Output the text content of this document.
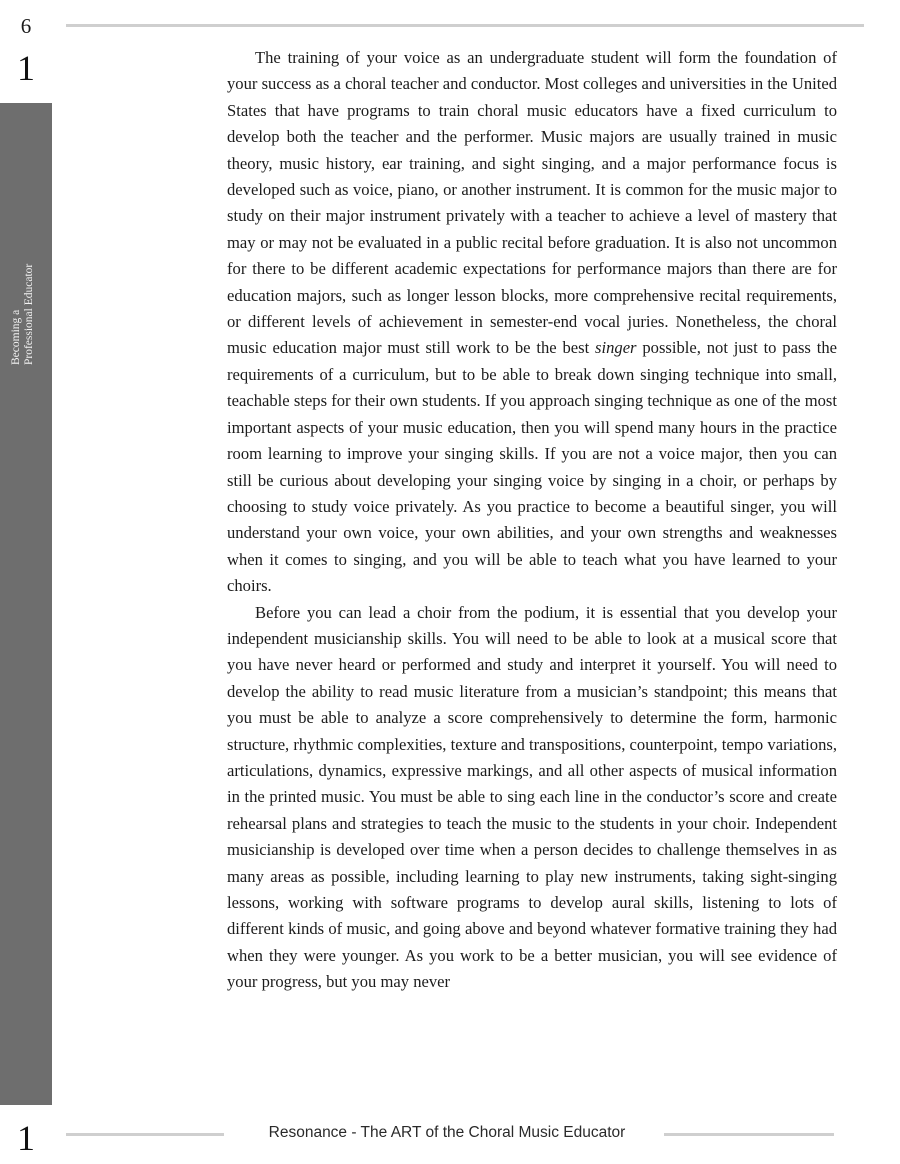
6
1
Becoming a Professional Educator
1

The training of your voice as an undergraduate student will form the foundation of your success as a choral teacher and conductor. Most colleges and universities in the United States that have programs to train choral music educators have a fixed curriculum to develop both the teacher and the performer. Music majors are usually trained in music theory, music history, ear training, and sight singing, and a major performance focus is developed such as voice, piano, or another instrument. It is common for the music major to study on their major instrument privately with a teacher to achieve a level of mastery that may or may not be evaluated in a public recital before graduation. It is also not uncommon for there to be different academic expectations for performance majors than there are for education majors, such as longer lesson blocks, more comprehensive recital requirements, or different levels of achievement in semester-end vocal juries. Nonetheless, the choral music education major must still work to be the best singer possible, not just to pass the requirements of a curriculum, but to be able to break down singing technique into small, teachable steps for their own students. If you approach singing technique as one of the most important aspects of your music education, then you will spend many hours in the practice room learning to improve your singing skills. If you are not a voice major, then you can still be curious about developing your singing voice by singing in a choir, or perhaps by choosing to study voice privately. As you practice to become a beautiful singer, you will understand your own voice, your own abilities, and your own strengths and weaknesses when it comes to singing, and you will be able to teach what you have learned to your choirs.

Before you can lead a choir from the podium, it is essential that you develop your independent musicianship skills. You will need to be able to look at a musical score that you have never heard or performed and study and interpret it yourself. You will need to develop the ability to read music literature from a musician’s standpoint; this means that you must be able to analyze a score comprehensively to determine the form, harmonic structure, rhythmic complexities, texture and transpositions, counterpoint, tempo variations, articulations, dynamics, expressive markings, and all other aspects of musical information in the printed music. You must be able to sing each line in the conductor’s score and create rehearsal plans and strategies to teach the music to the students in your choir. Independent musicianship is developed over time when a person decides to challenge themselves in as many areas as possible, including learning to play new instruments, taking sight-singing lessons, working with software programs to develop aural skills, listening to lots of different kinds of music, and going above and beyond whatever formative training they had when they were younger. As you work to be a better musician, you will see evidence of your progress, but you may never

Resonance - The ART of the Choral Music Educator
